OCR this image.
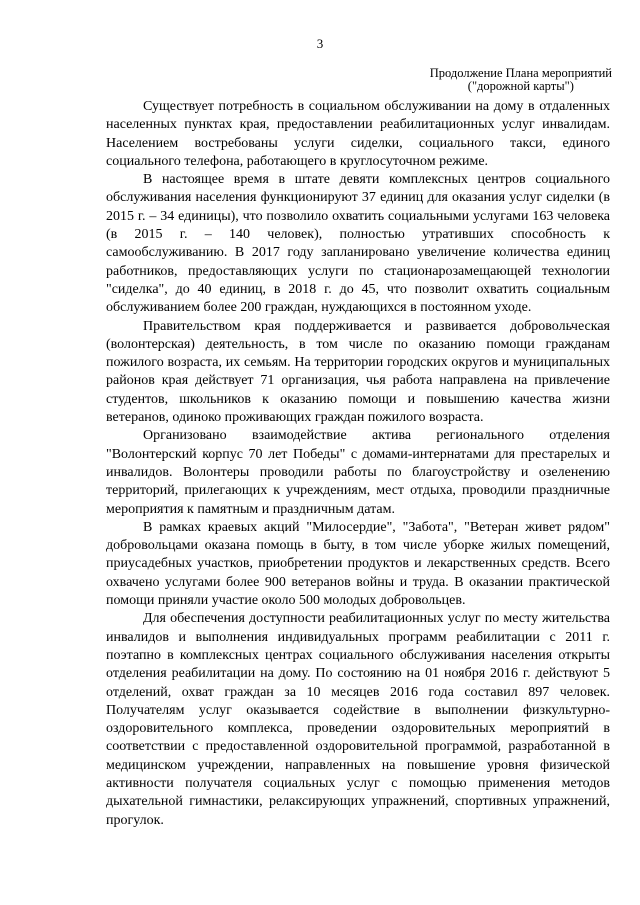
3
Продолжение Плана мероприятий
("дорожной карты")

Существует потребность в социальном обслуживании на дому в отдаленных населенных пунктах края, предоставлении реабилитационных услуг инвалидам. Населением востребованы услуги сиделки, социального такси, единого социального телефона, работающего в круглосуточном режиме.

В настоящее время в штате девяти комплексных центров социального обслуживания населения функционируют 37 единиц для оказания услуг сиделки (в 2015 г. – 34 единицы), что позволило охватить социальными услугами 163 человека (в 2015 г. – 140 человек), полностью утративших способность к самообслуживанию. В 2017 году запланировано увеличение количества единиц работников, предоставляющих услуги по стационарозамещающей технологии "сиделка", до 40 единиц, в 2018 г. до 45, что позволит охватить социальным обслуживанием более 200 граждан, нуждающихся в постоянном уходе.

Правительством края поддерживается и развивается добровольческая (волонтерская) деятельность, в том числе по оказанию помощи гражданам пожилого возраста, их семьям. На территории городских округов и муниципальных районов края действует 71 организация, чья работа направлена на привлечение студентов, школьников к оказанию помощи и повышению качества жизни ветеранов, одиноко проживающих граждан пожилого возраста.

Организовано взаимодействие актива регионального отделения "Волонтерский корпус 70 лет Победы" с домами-интернатами для престарелых и инвалидов. Волонтеры проводили работы по благоустройству и озеленению территорий, прилегающих к учреждениям, мест отдыха, проводили праздничные мероприятия к памятным и праздничным датам.

В рамках краевых акций "Милосердие", "Забота", "Ветеран живет рядом" добровольцами оказана помощь в быту, в том числе уборке жилых помещений, приусадебных участков, приобретении продуктов и лекарственных средств. Всего охвачено услугами более 900 ветеранов войны и труда. В оказании практической помощи приняли участие около 500 молодых добровольцев.

Для обеспечения доступности реабилитационных услуг по месту жительства инвалидов и выполнения индивидуальных программ реабилитации с 2011 г. поэтапно в комплексных центрах социального обслуживания населения открыты отделения реабилитации на дому. По состоянию на 01 ноября 2016 г. действуют 5 отделений, охват граждан за 10 месяцев 2016 года составил 897 человек. Получателям услуг оказывается содействие в выполнении физкультурно-оздоровительного комплекса, проведении оздоровительных мероприятий в соответствии с предоставленной оздоровительной программой, разработанной в медицинском учреждении, направленных на повышение уровня физической активности получателя социальных услуг с помощью применения методов дыхательной гимнастики, релаксирующих упражнений, спортивных упражнений, прогулок.
